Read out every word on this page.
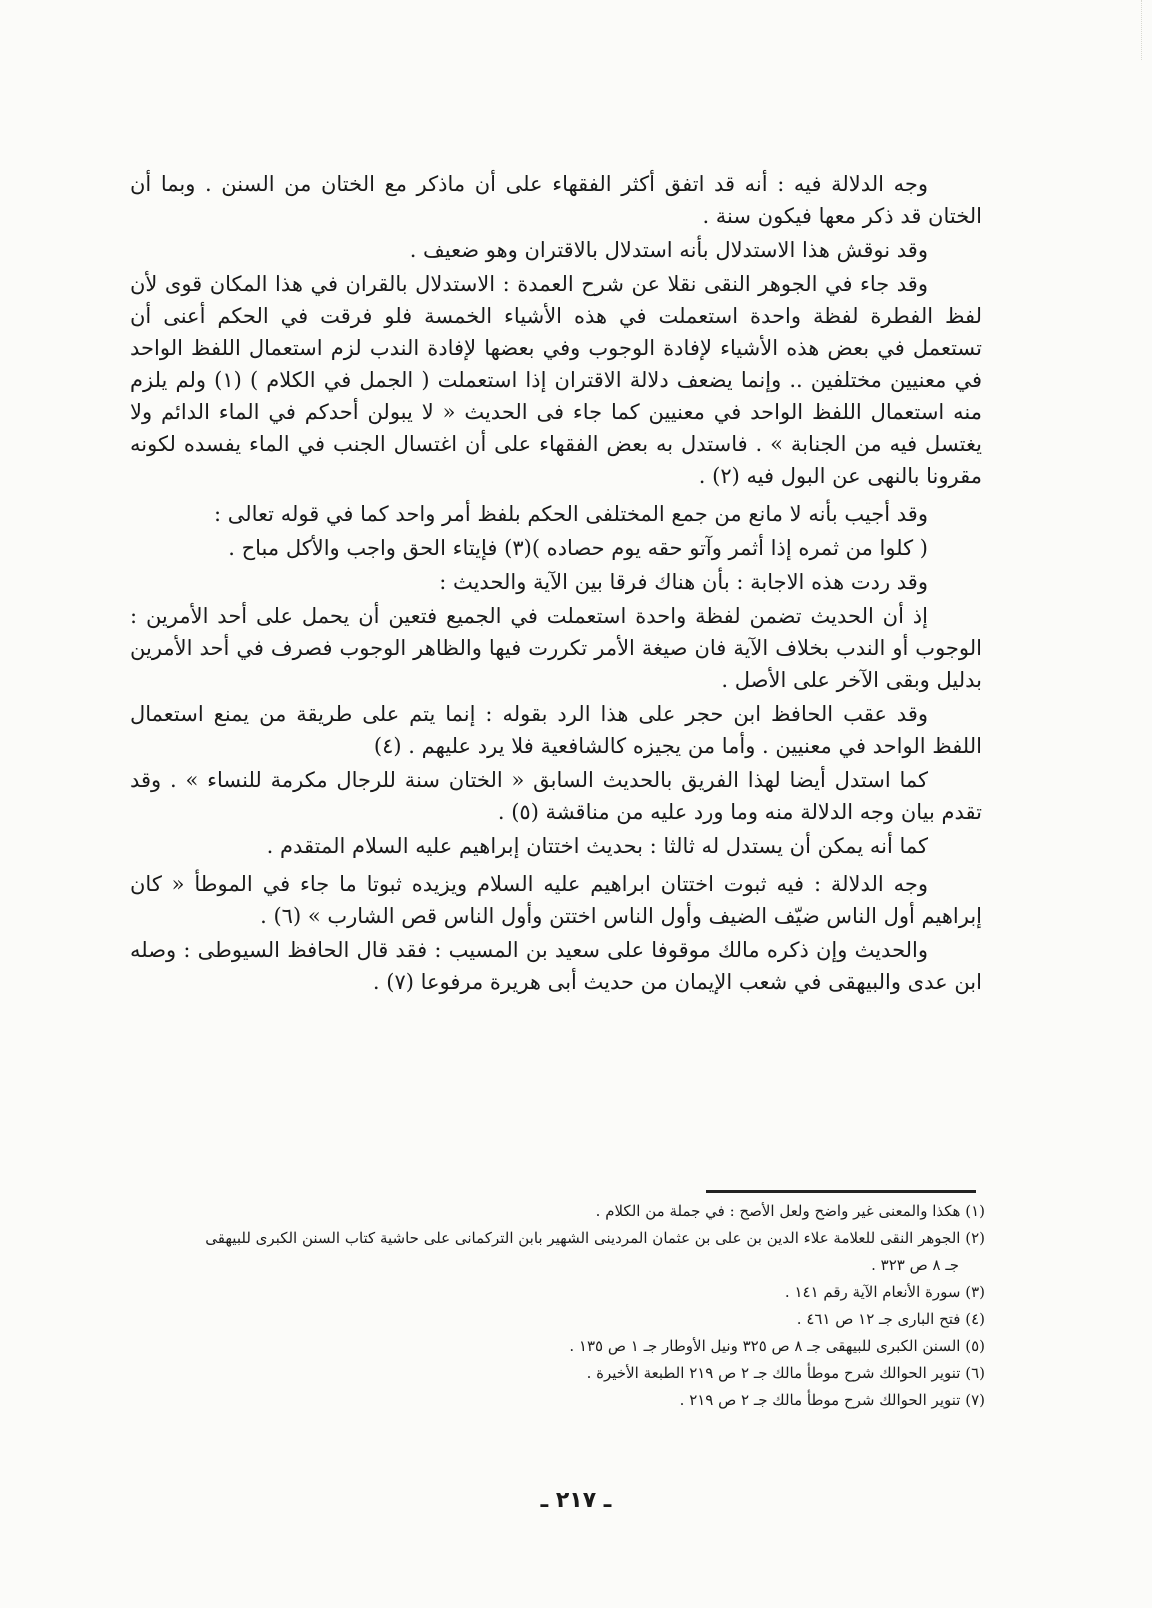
وجه الدلالة فيه : أنه قد اتفق أكثر الفقهاء على أن ماذكر مع الختان من السنن . وبما أن الختان قد ذكر معها فيكون سنة .

وقد نوقش هذا الاستدلال بأنه استدلال بالاقتران وهو ضعيف .

وقد جاء في الجوهر النقى نقلا عن شرح العمدة : الاستدلال بالقران في هذا المكان قوى لأن لفظ الفطرة لفظة واحدة استعملت في هذه الأشياء الخمسة فلو فرقت في الحكم أعنى أن تستعمل في بعض هذه الأشياء لإفادة الوجوب وفي بعضها لإفادة الندب لزم استعمال اللفظ الواحد في معنيين مختلفين .. وإنما يضعف دلالة الاقتران إذا استعملت ( الجمل في الكلام ) (١) ولم يلزم منه استعمال اللفظ الواحد في معنيين كما جاء فى الحديث « لا يبولن أحدكم في الماء الدائم ولا يغتسل فيه من الجنابة » . فاستدل به بعض الفقهاء على أن اغتسال الجنب في الماء يفسده لكونه مقرونا بالنهى عن البول فيه (٢) .

وقد أجيب بأنه لا مانع من جمع المختلفى الحكم بلفظ أمر واحد كما في قوله تعالى :

( كلوا من ثمره إذا أثمر وآتو حقه يوم حصاده )(٣) فإيتاء الحق واجب والأكل مباح .

وقد ردت هذه الاجابة : بأن هناك فرقا بين الآية والحديث :

إذ أن الحديث تضمن لفظة واحدة استعملت في الجميع فتعين أن يحمل على أحد الأمرين : الوجوب أو الندب بخلاف الآية فان صيغة الأمر تكررت فيها والظاهر الوجوب فصرف في أحد الأمرين بدليل وبقى الآخر على الأصل .

وقد عقب الحافظ ابن حجر على هذا الرد بقوله : إنما يتم على طريقة من يمنع استعمال اللفظ الواحد في معنيين . وأما من يجيزه كالشافعية فلا يرد عليهم . (٤)

كما استدل أيضا لهذا الفريق بالحديث السابق « الختان سنة للرجال مكرمة للنساء » . وقد تقدم بيان وجه الدلالة منه وما ورد عليه من مناقشة (٥) .

كما أنه يمكن أن يستدل له ثالثا : بحديث اختتان إبراهيم عليه السلام المتقدم .

وجه الدلالة : فيه ثبوت اختتان ابراهيم عليه السلام ويزيده ثبوتا ما جاء في الموطأ « كان إبراهيم أول الناس ضيّف الضيف وأول الناس اختتن وأول الناس قص الشارب » (٦) .

والحديث وإن ذكره مالك موقوفا على سعيد بن المسيب : فقد قال الحافظ السيوطى : وصله ابن عدى والبيهقى في شعب الإيمان من حديث أبى هريرة مرفوعا (٧) .

(١) هكذا والمعنى غير واضح ولعل الأصح : في جملة من الكلام .
(٢) الجوهر النقى للعلامة علاء الدين بن على بن عثمان المردينى الشهير بابن التركمانى على حاشية كتاب السنن الكبرى للبيهقى
جـ ٨ ص ٣٢٣ .
(٣) سورة الأنعام الآية رقم ١٤١ .
(٤) فتح البارى جـ ١٢ ص ٤٦١ .
(٥) السنن الكبرى للبيهقى جـ ٨ ص ٣٢٥ ونيل الأوطار جـ ١ ص ١٣٥ .
(٦) تنوير الحوالك شرح موطأ مالك جـ ٢ ص ٢١٩ الطبعة الأخيرة .
(٧) تنوير الحوالك شرح موطأ مالك جـ ٢ ص ٢١٩ .
ـ ٢١٧ ـ
